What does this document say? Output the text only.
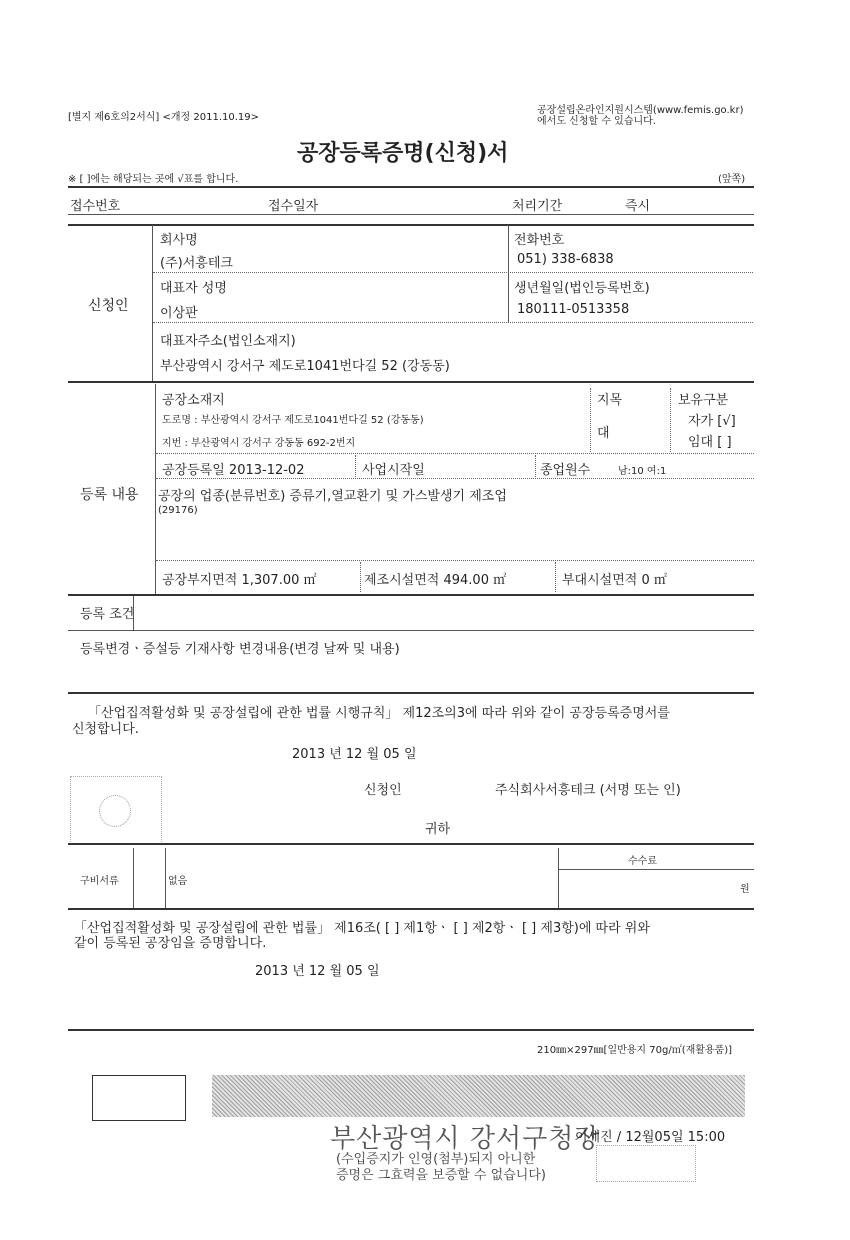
[별지 제6호의2서식] <개정 2011.10.19>
공장설립온라인지원시스템(www.femis.go.kr)
에서도 신청할 수 있습니다.
공장등록증명(신청)서
※ [ ]에는 해당되는 곳에 √표를 합니다.	(앞쪽)
접수번호	접수일자	처리기간	즉시
신청인
회사명
(주)서흥테크
전화번호
051) 338-6838
대표자 성명
이상판
생년월일(법인등록번호)
180111-0513358
대표자주소(법인소재지)
부산광역시 강서구 제도로1041번다길 52 (강동동)
등록 내용
공장소재지
도로명 : 부산광역시 강서구 제도로1041번다길 52 (강동동)
지번 : 부산광역시 강서구 강동동 692-2번지
지목
대
보유구분
자가 [√]
임대 [ ]
공장등록일 2013-12-02	사업시작일	종업원수	남:10 여:1
공장의 업종(분류번호) 증류기,열교환기 및 가스발생기 제조업
(29176)
공장부지면적 1,307.00 ㎡	제조시설면적 494.00 ㎡	부대시설면적 0 ㎡
등록 조건
등록변경ㆍ증설등 기재사항 변경내용(변경 날짜 및 내용)
「산업집적활성화 및 공장설립에 관한 법률 시행규칙」 제12조의3에 따라 위와 같이 공장등록증명서를
신청합니다.
2013 년 12 월 05 일
신청인	주식회사서흥테크 (서명 또는 인)
귀하
구비서류	없음
수수료
원
「산업집적활성화 및 공장설립에 관한 법률」 제16조( [ ] 제1항ㆍ [ ] 제2항ㆍ [ ] 제3항)에 따라 위와
같이 등록된 공장임을 증명합니다.
2013 년 12 월 05 일
210㎜×297㎜[일반용지 70g/㎡(재활용품)]
부산광역시 강서구청장
이세진 / 12월05일 15:00
(수입증지가 인영(첨부)되지 아니한
증명은 그효력을 보증할 수 없습니다)
